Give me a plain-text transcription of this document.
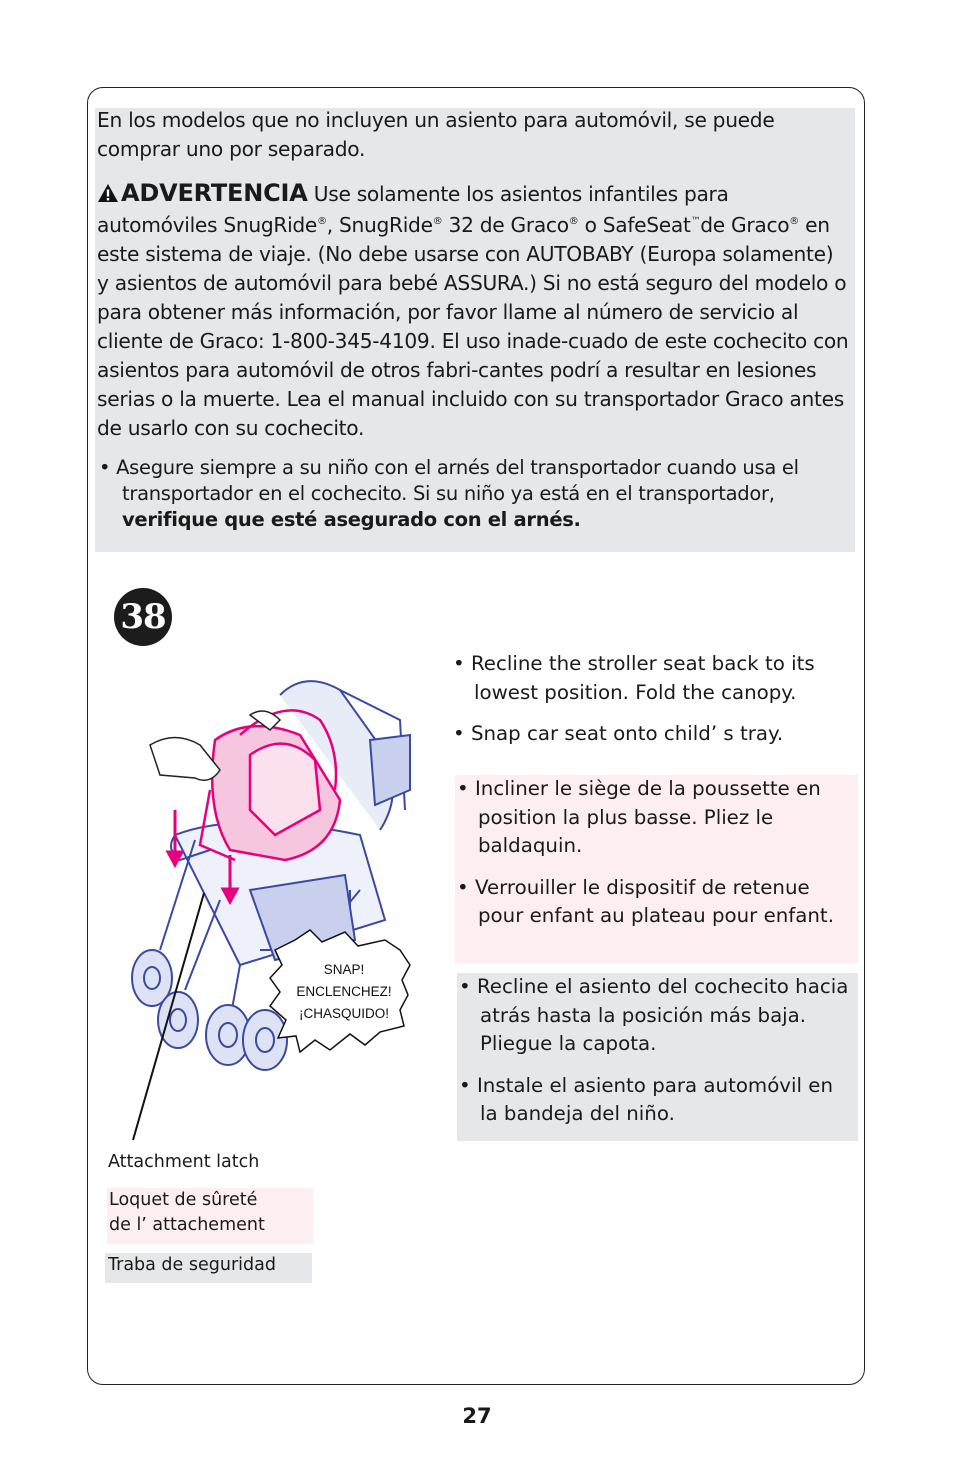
En los modelos que no incluyen un asiento para automóvil, se puede comprar uno por separado.

ADVERTENCIA Use solamente los asientos infantiles para automóviles SnugRide®, SnugRide® 32 de Graco® o SafeSeat™de Graco® en este sistema de viaje. (No debe usarse con AUTOBABY (Europa solamente) y asientos de automóvil para bebé ASSURA.) Si no está seguro del modelo o para obtener más información, por favor llame al número de servicio al cliente de Graco: 1-800-345-4109. El uso inade-cuado de este cochecito con asientos para automóvil de otros fabri-cantes podrí a resultar en lesiones serias o la muerte. Lea el manual incluido con su transportador Graco antes de usarlo con su cochecito.

• Asegure siempre a su niño con el arnés del transportador cuando usa el transportador en el cochecito. Si su niño ya está en el transportador, verifique que esté asegurado con el arnés.

38

• Recline the stroller seat back to its lowest position. Fold the canopy.

• Snap car seat onto child’ s tray.

• Incliner le siège de la poussette en position la plus basse. Pliez le baldaquin.

• Verrouiller le dispositif de retenue pour enfant au plateau pour enfant.

• Recline el asiento del cochecito hacia atrás hasta la posición más baja. Pliegue la capota.

• Instale el asiento para automóvil en la bandeja del niño.

SNAP!
ENCLENCHEZ!
¡CHASQUIDO!
Attachment latch
Loquet de sûreté
de l’ attachement
Traba de seguridad
27
